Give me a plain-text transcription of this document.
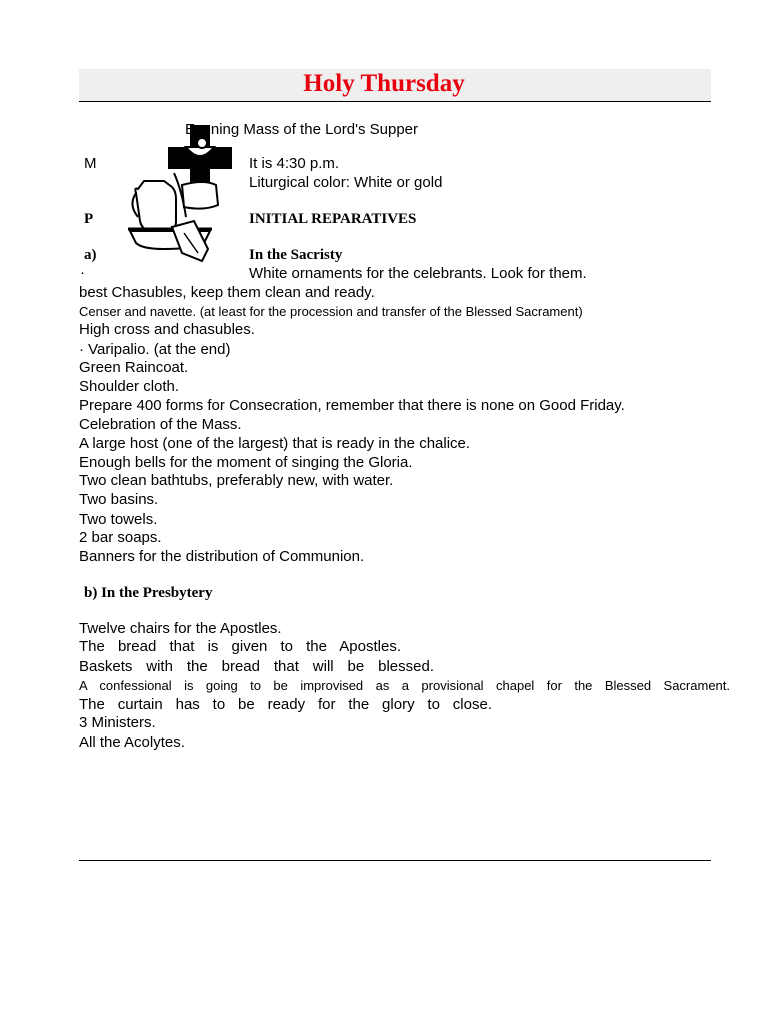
Holy Thursday
Evening Mass of the Lord's Supper
M	It is 4:30 p.m.
Liturgical color: White or gold
P	INITIAL REPARATIVES
a)	In the Sacristy
·	White ornaments for the celebrants. Look for them.
best Chasubles, keep them clean and ready.
Censer and navette. (at least for the procession and transfer of the Blessed Sacrament)
High cross and chasubles.
· Varipalio. (at the end)
Green Raincoat.
Shoulder cloth.
Prepare 400 forms for Consecration, remember that there is none on Good Friday.
Celebration of the Mass.
A large host (one of the largest) that is ready in the chalice.
Enough bells for the moment of singing the Gloria.
Two clean bathtubs, preferably new, with water.
Two basins.
Two towels.
2 bar soaps.
Banners for the distribution of Communion.
b) In the Presbytery
Twelve chairs for the Apostles.
The bread that is given to the Apostles.
Baskets with the bread that will be blessed.
A confessional is going to be improvised as a provisional chapel for the Blessed Sacrament.
The curtain has to be ready for the glory to close.
3 Ministers.
All the Acolytes.
